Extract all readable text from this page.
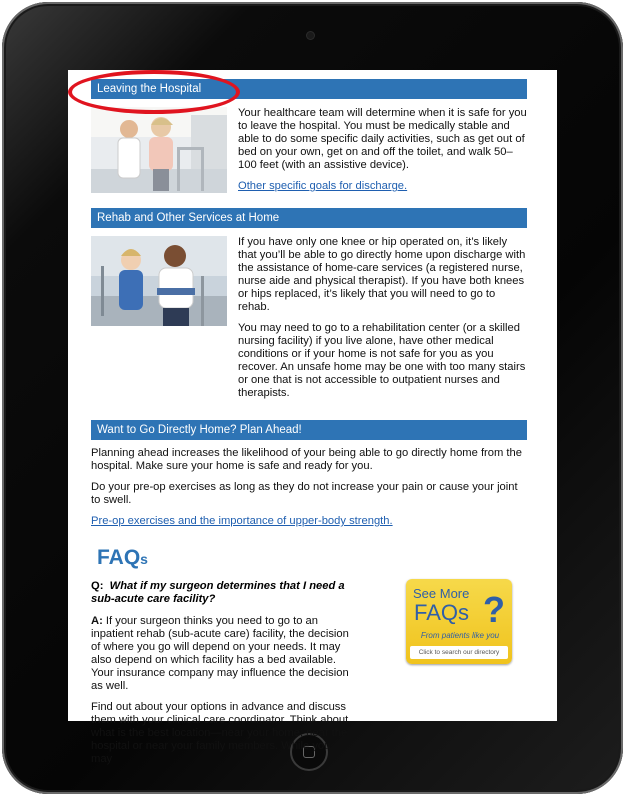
Leaving the Hospital

Your healthcare team will determine when it is safe for you to leave the hospital. You must be medically stable and able to do some specific daily activities, such as get out of bed on your own, get on and off the toilet, and walk 50–100 feet (with an assistive device).

Other specific goals for discharge.
Rehab and Other Services at Home

If you have only one knee or hip operated on, it’s likely that you’ll be able to go directly home upon discharge with the assistance of home-care services (a registered nurse, nurse aide and physical therapist). If you have both knees or hips replaced, it’s likely that you will need to go to rehab.

You may need to go to a rehabilitation center (or a skilled nursing facility) if you live alone, have other medical conditions or if your home is not safe for you as you recover. An unsafe home may be one with too many stairs or one that is not accessible to outpatient nurses and therapists.

Want to Go Directly Home? Plan Ahead!

Planning ahead increases the likelihood of your being able to go directly home from the hospital. Make sure your home is safe and ready for you.

Do your pre-op exercises as long as they do not increase your pain or cause your joint to swell.

Pre-op exercises and the importance of upper-body strength.
FAQs
Q: What if my surgeon determines that I need a sub-acute care facility?

A: If your surgeon thinks you need to go to an inpatient rehab (sub-acute care) facility, the decision of where you go will depend on your needs. It may also depend on which facility has a bed available. Your insurance company may influence the decision as well.

Find out about your options in advance and discuss them with your clinical care coordinator. Think about what is the best location—near your home, near the hospital or near your family members. While you may

See More
FAQs ?
From patients like you
Click to search our directory
